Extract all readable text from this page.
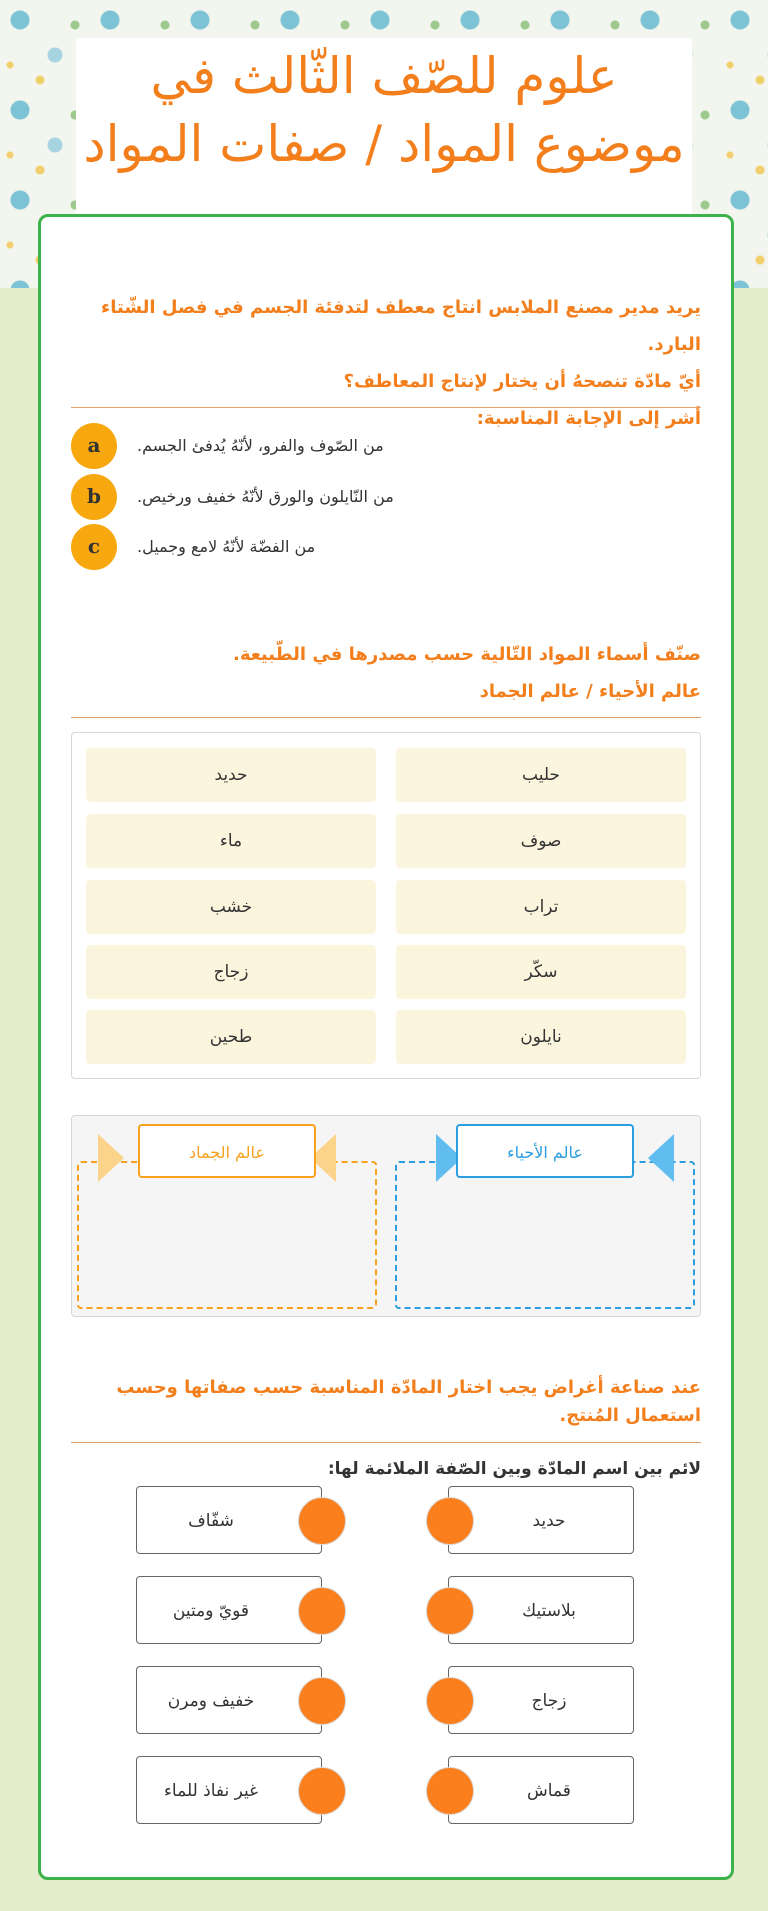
علوم للصّف الثّالث في موضوع المواد / صفات المواد
يريد مدير مصنع الملابس انتاج معطف لتدفئة الجسم في فصل الشّتاء البارد.
أيّ مادّة تنصحهُ أن يختار لإنتاج المعاطف؟
أشر إلى الإجابة المناسبة:
a	من الصّوف والفرو، لأنّهُ يُدفئ الجسم.
b	من النّايلون والورق لأنّهُ خفيف ورخيص.
c	من الفضّة لأنّهُ لامع وجميل.
صنّف أسماء المواد التّالية حسب مصدرها في الطّبيعة.
عالم الأحياء / عالم الجماد
حليب
حديد
صوف
ماء
تراب
خشب
سكّر
زجاج
نايلون
طحين
عالم الأحياء
عالم الجماد
عند صناعة أغراض يجب اختار المادّة المناسبة حسب صفاتها وحسب استعمال المُنتج.
لائم بين اسم المادّة وبين الصّفة الملائمة لها:
حديد
شفّاف
بلاستيك
قويّ ومتين
زجاج
خفيف ومرن
قماش
غير نفاذ للماء
